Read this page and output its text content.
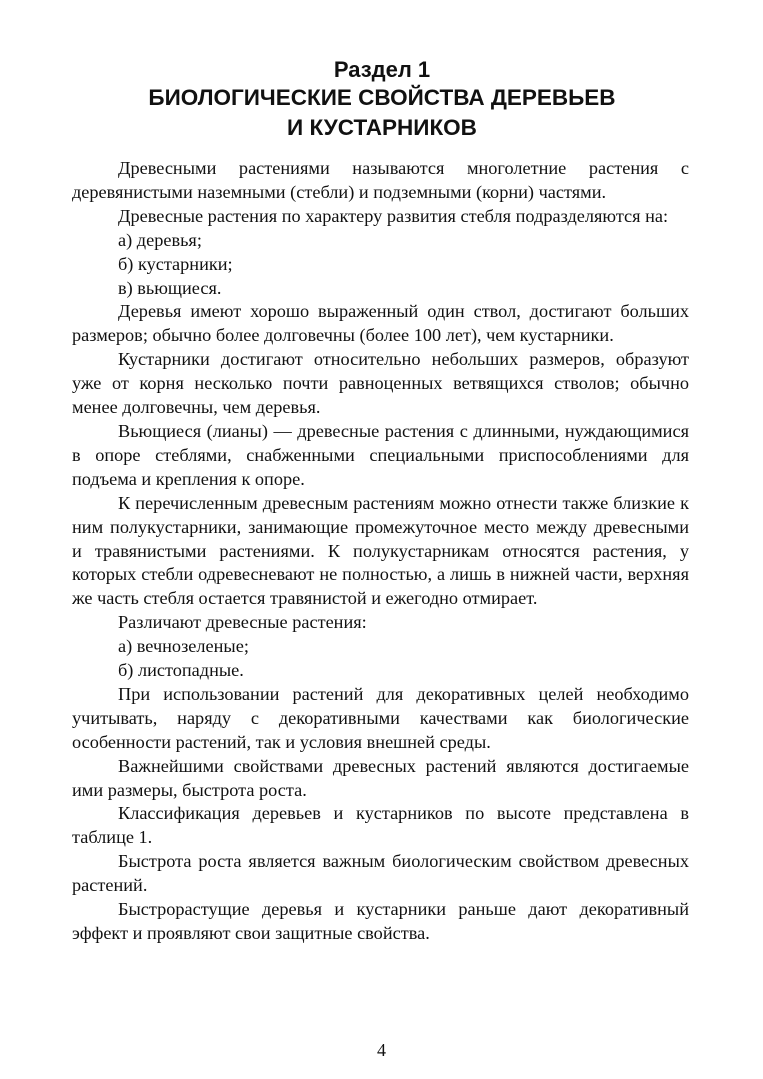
Раздел 1
БИОЛОГИЧЕСКИЕ СВОЙСТВА ДЕРЕВЬЕВ
И КУСТАРНИКОВ

Древесными растениями называются многолетние растения с деревянистыми наземными (стебли) и подземными (корни) частями.

Древесные растения по характеру развития стебля подразделяются на:

а) деревья;

б) кустарники;

в) вьющиеся.

Деревья имеют хорошо выраженный один ствол, достигают больших размеров; обычно более долговечны (более 100 лет), чем кустарники.

Кустарники достигают относительно небольших размеров, образуют уже от корня несколько почти равноценных ветвящихся стволов; обычно менее долговечны, чем деревья.

Вьющиеся (лианы) — древесные растения с длинными, нуждающимися в опоре стеблями, снабженными специальными приспособлениями для подъема и крепления к опоре.

К перечисленным древесным растениям можно отнести также близкие к ним полукустарники, занимающие промежуточное место между древесными и травянистыми растениями. К полукустарникам относятся растения, у которых стебли одревесневают не полностью, а лишь в нижней части, верхняя же часть стебля остается травянистой и ежегодно отмирает.

Различают древесные растения:

а) вечнозеленые;

б) листопадные.

При использовании растений для декоративных целей необходимо учитывать, наряду с декоративными качествами как биологические особенности растений, так и условия внешней среды.

Важнейшими свойствами древесных растений являются достигаемые ими размеры, быстрота роста.

Классификация деревьев и кустарников по высоте представлена в таблице 1.

Быстрота роста является важным биологическим свойством древесных растений.

Быстрорастущие деревья и кустарники раньше дают декоративный эффект и проявляют свои защитные свойства.

4
